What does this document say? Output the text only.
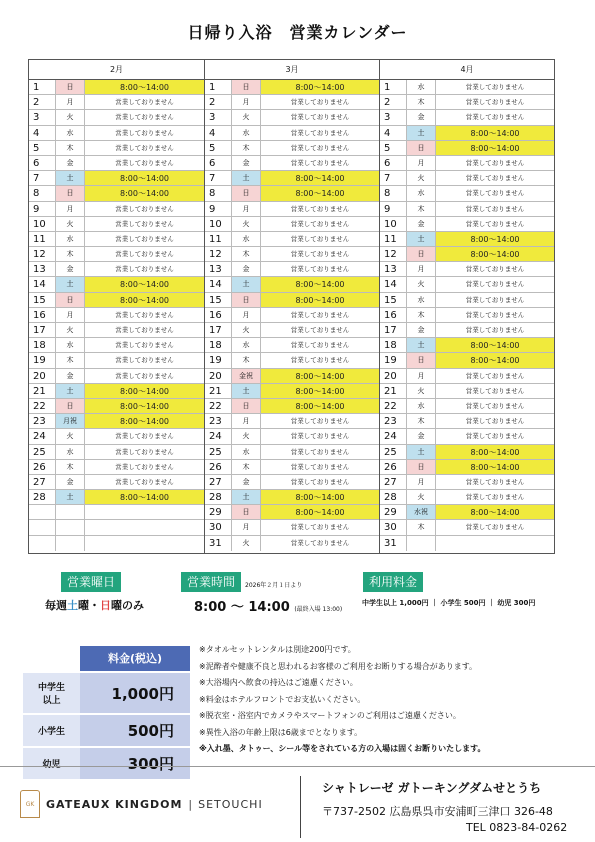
日帰り入浴　営業カレンダー
2月
1	日	8:00～14:00
2	月	営業しておりません
3	火	営業しておりません
4	水	営業しておりません
5	木	営業しておりません
6	金	営業しておりません
7	土	8:00～14:00
8	日	8:00～14:00
9	月	営業しておりません
10	火	営業しておりません
11	水	営業しておりません
12	木	営業しておりません
13	金	営業しておりません
14	土	8:00～14:00
15	日	8:00～14:00
16	月	営業しておりません
17	火	営業しておりません
18	水	営業しておりません
19	木	営業しておりません
20	金	営業しておりません
21	土	8:00～14:00
22	日	8:00～14:00
23	月祝	8:00～14:00
24	火	営業しておりません
25	水	営業しておりません
26	木	営業しておりません
27	金	営業しておりません
28	土	8:00～14:00
3月
1	日	8:00～14:00
2	月	営業しておりません
3	火	営業しておりません
4	水	営業しておりません
5	木	営業しておりません
6	金	営業しておりません
7	土	8:00～14:00
8	日	8:00～14:00
9	月	営業しておりません
10	火	営業しておりません
11	水	営業しておりません
12	木	営業しておりません
13	金	営業しておりません
14	土	8:00～14:00
15	日	8:00～14:00
16	月	営業しておりません
17	火	営業しておりません
18	水	営業しておりません
19	木	営業しておりません
20	金祝	8:00～14:00
21	土	8:00～14:00
22	日	8:00～14:00
23	月	営業しておりません
24	火	営業しておりません
25	水	営業しておりません
26	木	営業しておりません
27	金	営業しておりません
28	土	8:00～14:00
29	日	8:00～14:00
30	月	営業しておりません
31	火	営業しておりません
4月
1	水	営業しておりません
2	木	営業しておりません
3	金	営業しておりません
4	土	8:00～14:00
5	日	8:00～14:00
6	月	営業しておりません
7	火	営業しておりません
8	水	営業しておりません
9	木	営業しておりません
10	金	営業しておりません
11	土	8:00～14:00
12	日	8:00～14:00
13	月	営業しておりません
14	火	営業しておりません
15	水	営業しておりません
16	木	営業しておりません
17	金	営業しておりません
18	土	8:00～14:00
19	日	8:00～14:00
20	月	営業しておりません
21	火	営業しておりません
22	水	営業しておりません
23	木	営業しておりません
24	金	営業しておりません
25	土	8:00～14:00
26	日	8:00～14:00
27	月	営業しておりません
28	火	営業しておりません
29	水祝	8:00～14:00
30	木	営業しておりません
31
営業曜日
毎週土曜・日曜のみ
営業時間	2026年２月１日より
8:00 ～ 14:00 (最終入場 13:00)
利用料金
中学生以上 1,000円 ｜ 小学生 500円 ｜ 幼児 300円
料金(税込)
中学生
以上	1,000円
小学生	500円
幼児	300円
※タオルセットレンタルは別途200円です。
※泥酔者や健康不良と思われるお客様のご利用をお断りする場合があります。
※大浴場内へ飲食の持込はご遠慮ください。
※料金はホテルフロントでお支払いください。
※脱衣室・浴室内でカメラやスマートフォンのご利用はご遠慮ください。
※異性入浴の年齢上限は6歳までとなります。
※入れ墨、タトゥー、シール等をされている方の入場は固くお断りいたします。
GK	GATEAUX KINGDOM | SETOUCHI
シャトレーゼ ガトーキングダムせとうち
〒737-2502 広島県呉市安浦町三津口 326-48
TEL 0823-84-0262
